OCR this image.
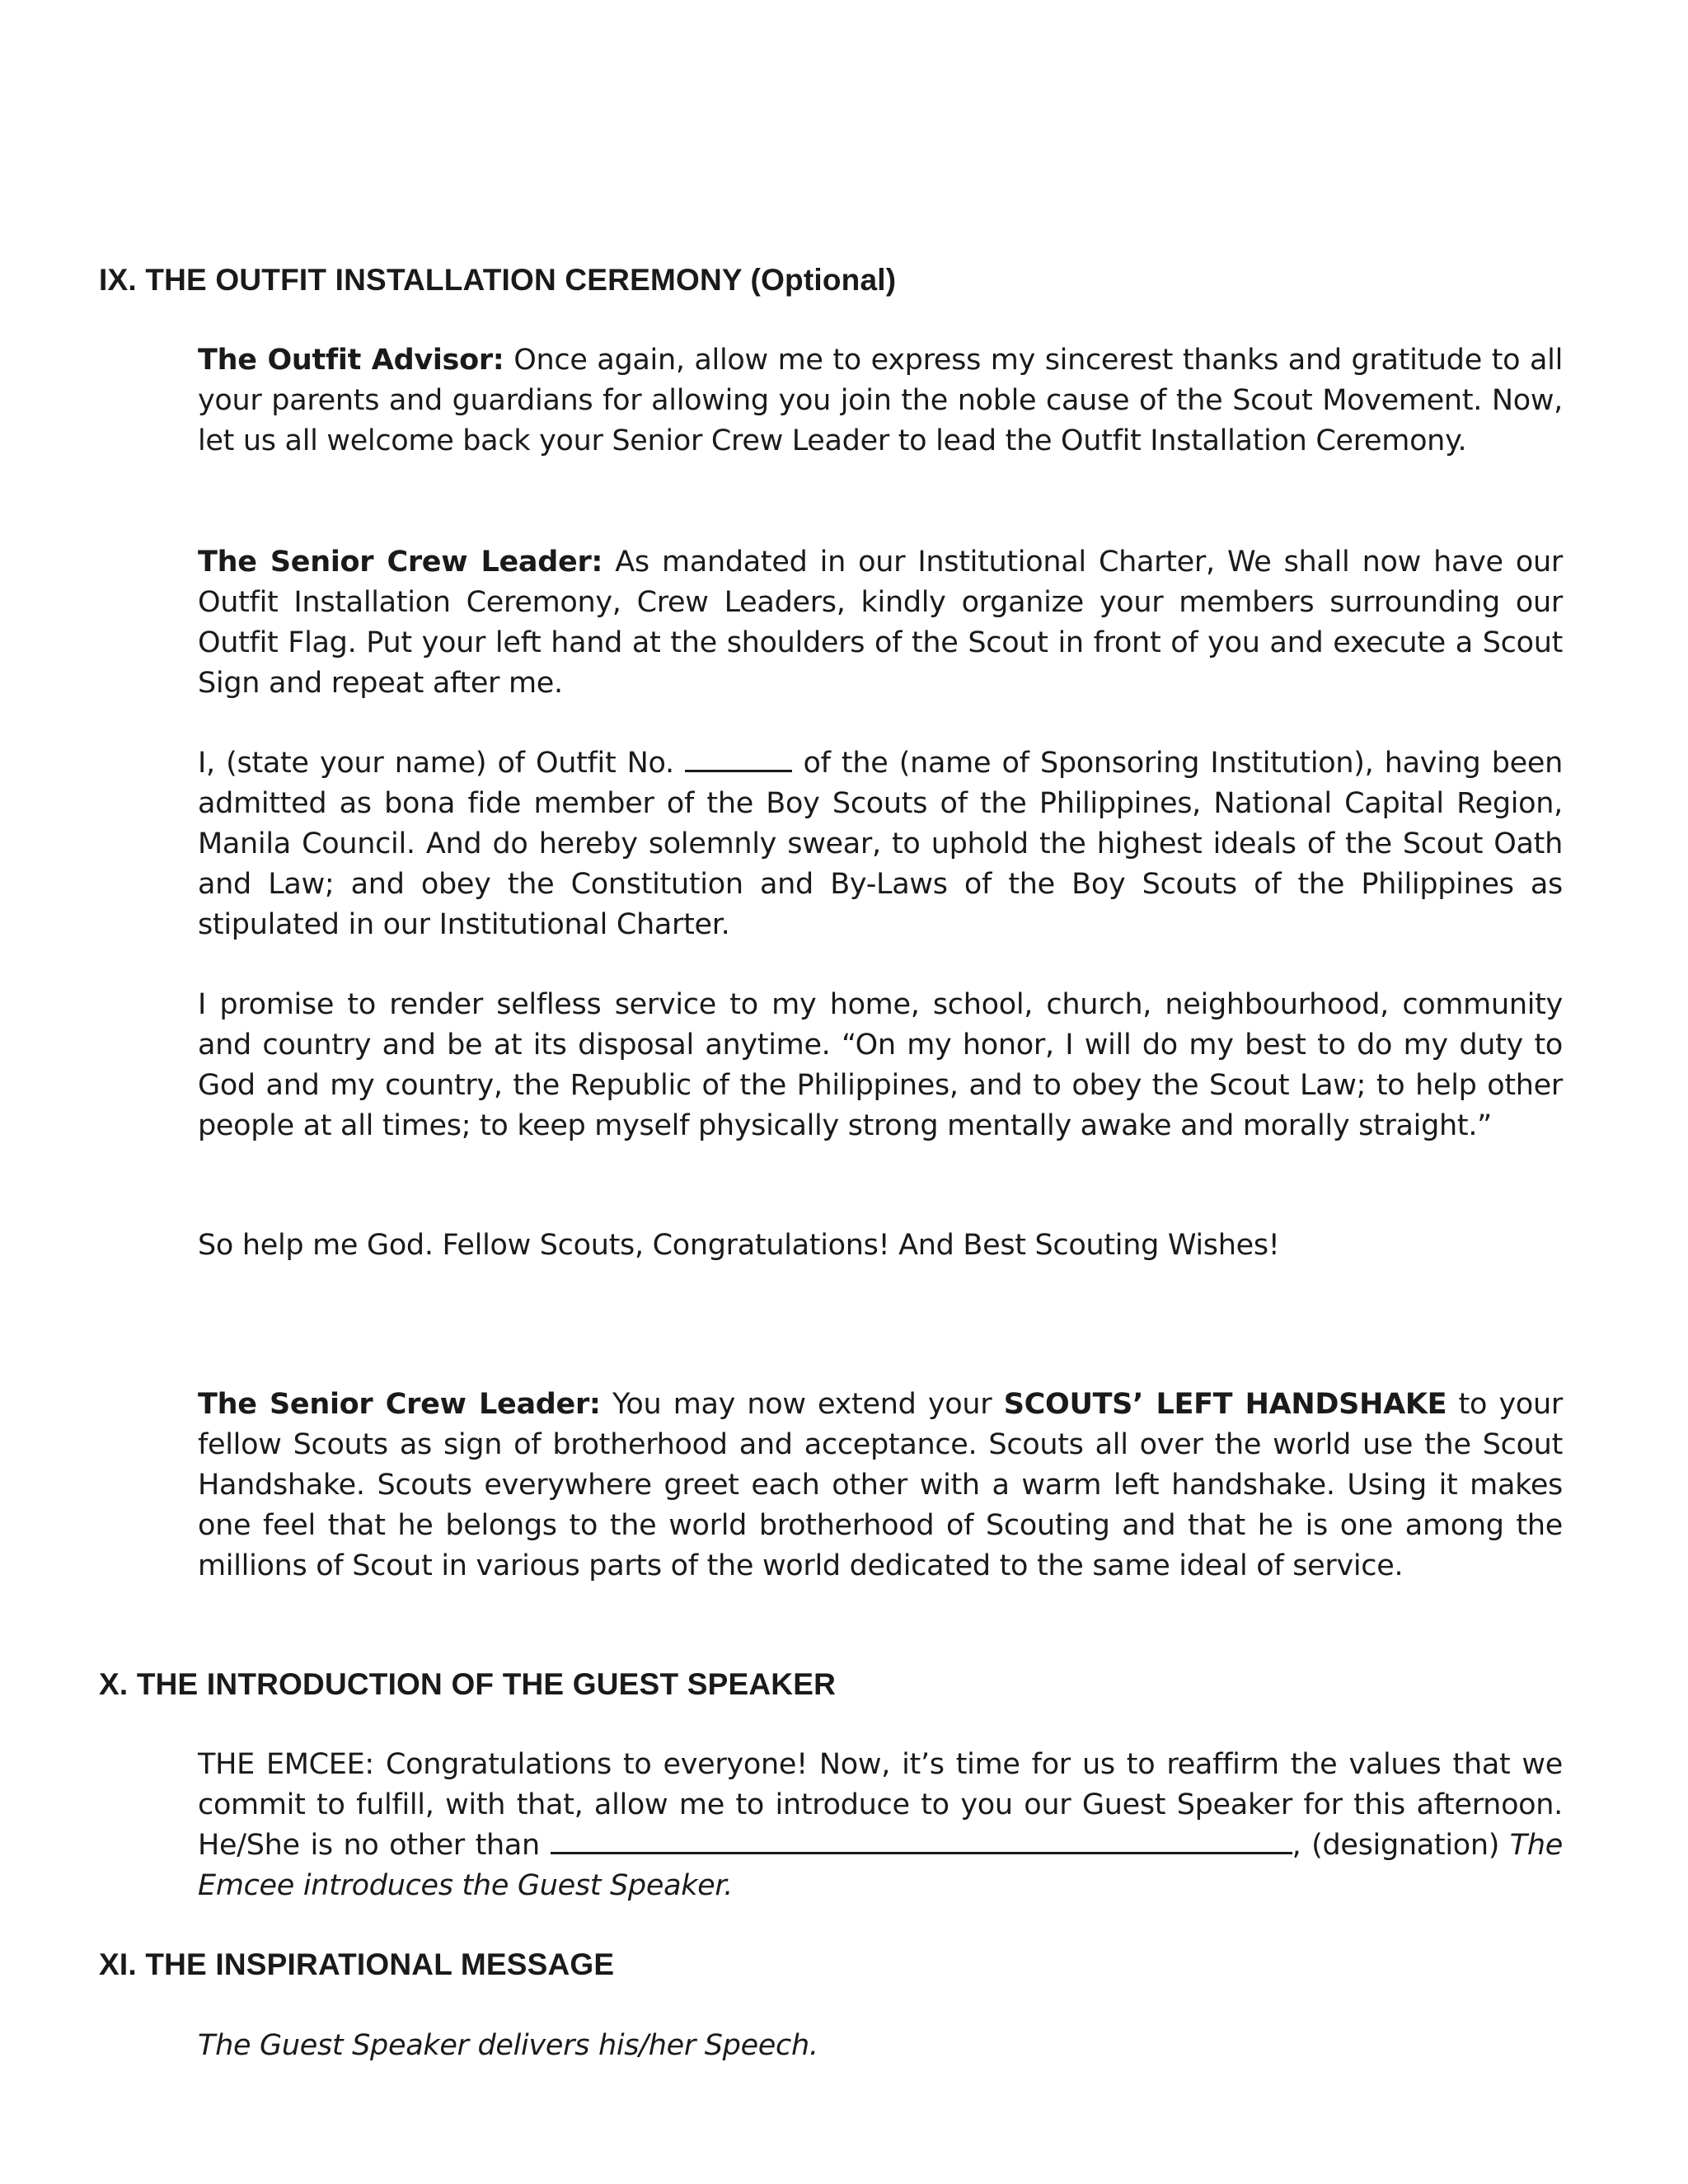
IX. THE OUTFIT INSTALLATION CEREMONY (Optional)

The Outfit Advisor: Once again, allow me to express my sincerest thanks and gratitude to all your parents and guardians for allowing you join the noble cause of the Scout Movement. Now, let us all welcome back your Senior Crew Leader to lead the Outfit Installation Ceremony.

The Senior Crew Leader: As mandated in our Institutional Charter, We shall now have our Outfit Installation Ceremony, Crew Leaders, kindly organize your members surrounding our Outfit Flag. Put your left hand at the shoulders of the Scout in front of you and execute a Scout Sign and repeat after me.

I, (state your name) of Outfit No.	of the (name of Sponsoring Institution), having been admitted as bona fide member of the Boy Scouts of the Philippines, National Capital Region, Manila Council. And do hereby solemnly swear, to uphold the highest ideals of the Scout Oath and Law; and obey the Constitution and By-Laws of the Boy Scouts of the Philippines as stipulated in our Institutional Charter.

I promise to render selfless service to my home, school, church, neighbourhood, community and country and be at its disposal anytime. “On my honor, I will do my best to do my duty to God and my country, the Republic of the Philippines, and to obey the Scout Law; to help other people at all times; to keep myself physically strong mentally awake and morally straight.”

So help me God. Fellow Scouts, Congratulations! And Best Scouting Wishes!

The Senior Crew Leader: You may now extend your SCOUTS’ LEFT HANDSHAKE to your fellow Scouts as sign of brotherhood and acceptance. Scouts all over the world use the Scout Handshake. Scouts everywhere greet each other with a warm left handshake. Using it makes one feel that he belongs to the world brotherhood of Scouting and that he is one among the millions of Scout in various parts of the world dedicated to the same ideal of service.

X. THE INTRODUCTION OF THE GUEST SPEAKER

THE EMCEE: Congratulations to everyone! Now, it’s time for us to reaffirm the values that we commit to fulfill, with that, allow me to introduce to you our Guest Speaker for this afternoon. He/She is no other than	, (designation) The Emcee introduces the Guest Speaker.

XI. THE INSPIRATIONAL MESSAGE

The Guest Speaker delivers his/her Speech.
